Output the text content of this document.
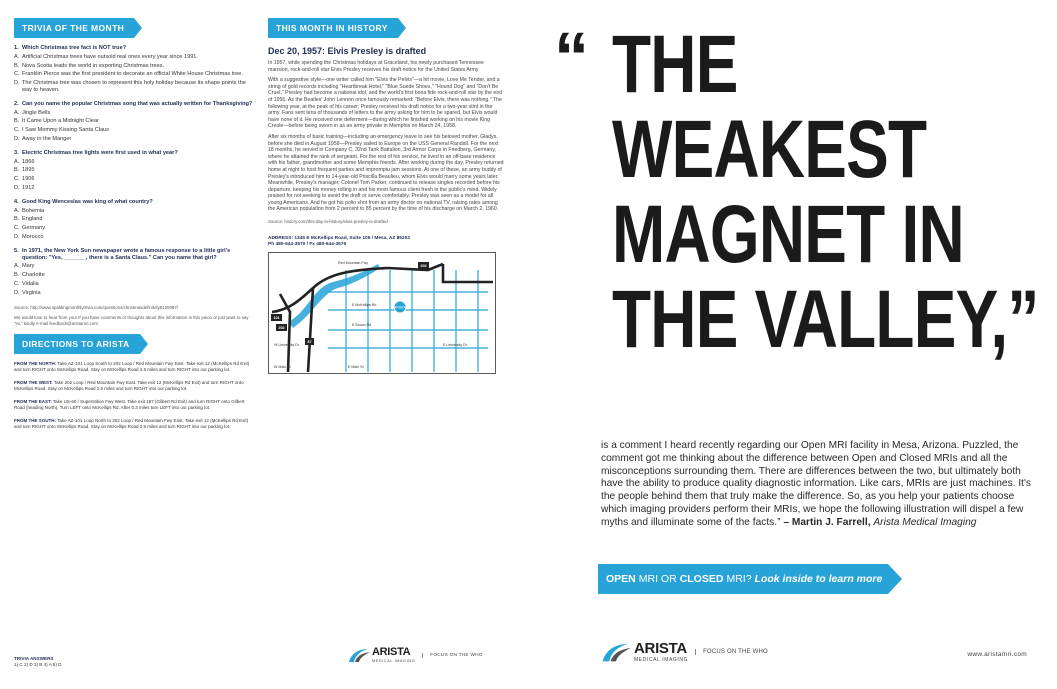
TRIVIA OF THE MONTH
1. Which Christmas tree fact is NOT true?
A. Artificial Christmas trees have outsold real ones every year since 1991.
B. Nova Scotia leads the world in exporting Christmas trees.
C. Franklin Pierce was the first president to decorate an official White House Christmas tree.
D. The Christmas tree was chosen to represent this holy holiday because its shape points the way to heaven.
2. Can you name the popular Christmas song that was actually written for Thanksgiving?
A. Jingle Bells
B. It Came Upon a Midnight Clear
C. I Saw Mommy Kissing Santa Claus
D. Away in the Manger
3. Electric Christmas tree lights were first used in what year?
A. 1866
B. 1895
C. 1906
D. 1912
4. Good King Wenceslas was king of what country?
A. Bohemia
B. England
C. Germany
D. Morocco
5. In 1971, the New York Sun newspaper wrote a famous response to a little girl's question: "Yes, _______, there is a Santa Claus." Can you name that girl?
A. Mary
B. Charlotte
C. Vidalia
D. Virginia
Source: http://www.spaldingmonthlytrivia.com/questions/christmasdefinitely8120087/
We would love to hear from you! If you have comments or thoughts about this information in this piece or just want to say "Hi," kindly e-mail feedback@aristamri.com
DIRECTIONS TO ARISTA
FROM THE NORTH: Take AZ-101 Loop South to 202 Loop / Red Mountain Fwy East. Take exit 12 (McKellips Rd Exit) and turn RIGHT onto McKellips Road. Stay on McKellips Road 2.5 miles and turn RIGHT into our parking lot.
FROM THE WEST: Take 202 Loop / Red Mountain Fwy East. Take exit 12 (McKellips Rd Exit) and turn RIGHT onto McKellips Road. Stay on McKellips Road 2.5 miles and turn RIGHT into our parking lot.
FROM THE EAST: Take US-60 / Superstition Fwy West. Take exit 187 (Gilbert Rd Exit) and turn RIGHT onto Gilbert Road (heading North). Turn LEFT onto McKellips Rd. After 0.3 miles turn LEFT into our parking lot.
FROM THE SOUTH: Take AZ-101 Loop North to 202 Loop / Red Mountain Fwy East. Take exit 12 (McKellips Rd Exit) and turn RIGHT onto McKellips Road. Stay on McKellips Road 2.5 miles and turn RIGHT into our parking lot.
TRIVIA ANSWERS
1) C 2) D 3) B 4) A 5) D
THIS MONTH IN HISTORY
Dec 20, 1957: Elvis Presley is drafted
In 1957, while spending the Christmas holidays at Graceland, his newly purchased Tennessee mansion, rock-and-roll star Elvis Presley receives his draft notice for the United States Army.
With a suggestive style—one writer called him "Elvis the Pelvis"—a hit movie, Love Me Tender, and a string of gold records including "Heartbreak Hotel," "Blue Suede Shoes," "Hound Dog" and "Don't Be Cruel," Presley had become a national idol, and the world's first bona fide rock-and-roll star by the end of 1956. As the Beatles' John Lennon once famously remarked: "Before Elvis, there was nothing." The following year, at the peak of his career, Presley received his draft notice for a two-year stint in the army. Fans sent tens of thousands of letters to the army asking for him to be spared, but Elvis would have none of it. He received one deferment—during which he finished working on his movie King Creole—before being sworn in as an army private in Memphis on March 24, 1958.
After six months of basic training—including an emergency leave to see his beloved mother, Gladys, before she died in August 1958—Presley sailed to Europe on the USS General Randall. For the next 18 months, he served in Company C, 32nd Tank Battalion, 3rd Armor Corps in Friedberg, Germany, where he attained the rank of sergeant. For the rest of his service, he lived in an off-base residence with his father, grandmother and some Memphis friends. After working during the day, Presley returned home at night to host frequent parties and impromptu jam sessions. At one of these, an army buddy of Presley's introduced him to 14-year-old Priscilla Beaulieu, whom Elvis would marry some years later. Meanwhile, Presley's manager, Colonel Tom Parker, continued to release singles recorded before his departure, keeping his money rolling in and his most famous client fresh in the public's mind. Widely praised for not seeking to avoid the draft or serve comfortably, Presley was seen as a model for all young Americans. And he got his polio shot from an army doctor on national TV, raising rates among the American population from 2 percent to 85 percent by the time of his discharge on March 2, 1960.
Source: history.com/this-day-in-history/elvis-presley-is-drafted
ADDRESS: 1345 E McKellips Road, Suite 105 / Mesa, AZ 85203
Ph 480-644-3570 / Fx 480-644-3579
ARISTA
Red Mountain Fwy
E McKellips Rd
E Brown Rd
W University Dr	E University Dr
W Main St	E Main St
101
202
202
87
ARISTA
MEDICAL IMAGING
FOCUS ON THE WHO
“ THE
WEAKEST
MAGNET IN
THE VALLEY,”
is a comment I heard recently regarding our Open MRI facility in Mesa, Arizona. Puzzled, the comment got me thinking about the difference between Open and Closed MRIs and all the misconceptions surrounding them. There are differences between the two, but ultimately both have the ability to produce quality diagnostic information. Like cars, MRIs are just machines. It's the people behind them that truly make the difference. So, as you help your patients choose which imaging providers perform their MRIs, we hope the following illustration will dispel a few myths and illuminate some of the facts.” – Martin J. Farrell, Arista Medical Imaging
OPEN MRI OR CLOSED MRI? Look inside to learn more
ARISTA
MEDICAL IMAGING
FOCUS ON THE WHO	www.aristamri.com
